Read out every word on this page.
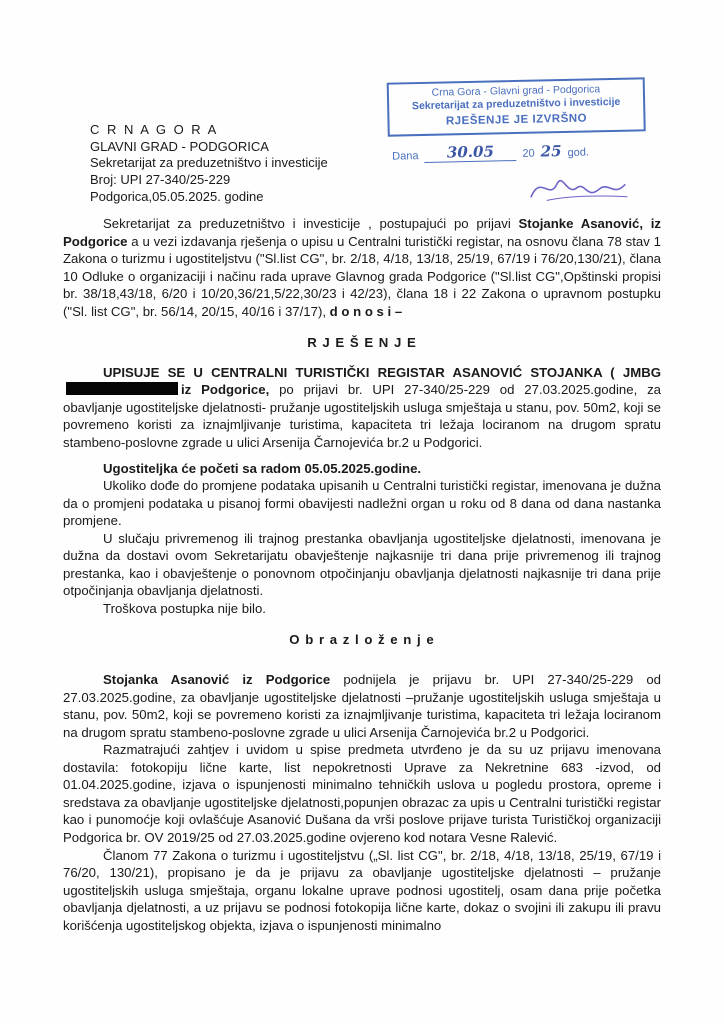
C R N A G O R A
GLAVNI GRAD - PODGORICA
Sekretarijat za preduzetništvo i investicije
Broj: UPI 27-340/25-229
Podgorica,05.05.2025. godine
Crna Gora - Glavni grad - Podgorica
Sekretarijat za preduzetništvo i investicije
RJEŠENJE JE IZVRŠNO
Dana	30.05	20 25 god.

Sekretarijat za preduzetništvo i investicije , postupajući po prijavi Stojanke Asanović, iz Podgorice a u vezi izdavanja rješenja o upisu u Centralni turistički registar, na osnovu člana 78 stav 1 Zakona o turizmu i ugostiteljstvu ("Sl.list CG", br. 2/18, 4/18, 13/18, 25/19, 67/19 i 76/20,130/21), člana 10 Odluke o organizaciji i načinu rada uprave Glavnog grada Podgorice ("Sl.list CG",Opštinski propisi br. 38/18,43/18, 6/20 i 10/20,36/21,5/22,30/23 i 42/23), člana 18 i 22 Zakona o upravnom postupku ("Sl. list CG", br. 56/14, 20/15, 40/16 i 37/17), d o n o s i –

R J E Š E N J E

UPISUJE SE U CENTRALNI TURISTIČKI REGISTAR ASANOVIĆ STOJANKA ( JMBGiz Podgorice, po prijavi br. UPI 27-340/25-229 od 27.03.2025.godine, za obavljanje ugostiteljske djelatnosti- pružanje ugostiteljskih usluga smještaja u stanu, pov. 50m2, koji se povremeno koristi za iznajmljivanje turistima, kapaciteta tri ležaja lociranom na drugom spratu stambeno-poslovne zgrade u ulici Arsenija Čarnojevića br.2 u Podgorici.

Ugostiteljka će početi sa radom 05.05.2025.godine.

Ukoliko dođe do promjene podataka upisanih u Centralni turistički registar, imenovana je dužna da o promjeni podataka u pisanoj formi obavijesti nadležni organ u roku od 8 dana od dana nastanka promjene.

U slučaju privremenog ili trajnog prestanka obavljanja ugostiteljske djelatnosti, imenovana je dužna da dostavi ovom Sekretarijatu obavještenje najkasnije tri dana prije privremenog ili trajnog prestanka, kao i obavještenje o ponovnom otpočinjanju obavljanja djelatnosti najkasnije tri dana prije otpočinjanja obavljanja djelatnosti.

Troškova postupka nije bilo.

O b r a z l o ž e n j e

Stojanka Asanović iz Podgorice podnijela je prijavu br. UPI 27-340/25-229 od 27.03.2025.godine, za obavljanje ugostiteljske djelatnosti –pružanje ugostiteljskih usluga smještaja u stanu, pov. 50m2, koji se povremeno koristi za iznajmljivanje turistima, kapaciteta tri ležaja lociranom na drugom spratu stambeno-poslovne zgrade u ulici Arsenija Čarnojevića br.2 u Podgorici.

Razmatrajući zahtjev i uvidom u spise predmeta utvrđeno je da su uz prijavu imenovana dostavila: fotokopiju lične karte, list nepokretnosti Uprave za Nekretnine 683 -izvod, od 01.04.2025.godine, izjava o ispunjenosti minimalno tehničkih uslova u pogledu prostora, opreme i sredstava za obavljanje ugostiteljske djelatnosti,popunjen obrazac za upis u Centralni turistički registar kao i punomoćje koji ovlašćuje Asanović Dušana da vrši poslove prijave turista Turističkoj organizaciji Podgorica br. OV 2019/25 od 27.03.2025.godine ovjereno kod notara Vesne Ralević.

Članom 77 Zakona o turizmu i ugostiteljstvu („Sl. list CG", br. 2/18, 4/18, 13/18, 25/19, 67/19 i 76/20, 130/21), propisano je da je prijavu za obavljanje ugostiteljske djelatnosti – pružanje ugostiteljskih usluga smještaja, organu lokalne uprave podnosi ugostitelj, osam dana prije početka obavljanja djelatnosti, a uz prijavu se podnosi fotokopija lične karte, dokaz o svojini ili zakupu ili pravu korišćenja ugostiteljskog objekta, izjava o ispunjenosti minimalno
